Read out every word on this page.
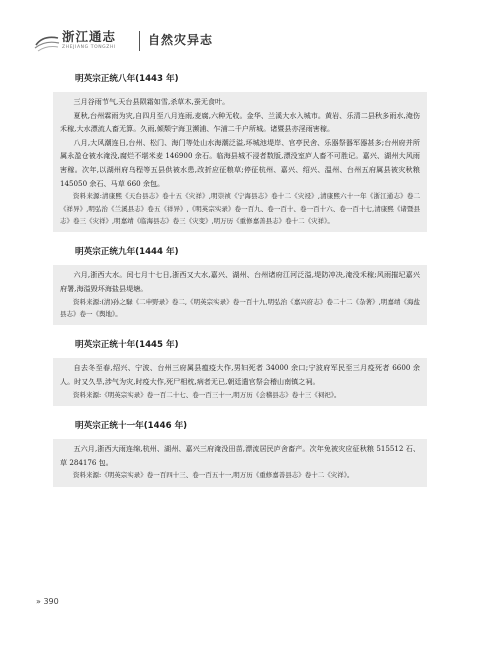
浙江通志
ZHEJIANG TONGZHI
自然灾异志
明英宗正统八年(1443 年)

三月谷雨节气,天台县陨霜如雪,杀草木,蚕无食叶。

夏秋,台州霖雨为灾,自四月至八月连雨,麦腐,六种无收。金华、兰溪大水入城市。黄岩、乐清二县秋多雨水,淹伤禾稼,大水漂流人畜无算。久雨,倾颓宁海卫濒浦、乍浦二千户所城。诸暨县亦淫雨害稼。

八月,大风潮连日,台州、松门、海门等处山水海潮泛溢,坏城池堤岸、官亭民舍、乐器祭器军器甚多;台州府并所属永盈仓被水淹没,腐烂不堪米麦 146900 余石。临海县城不浸者数版,漂没室庐人畜不可胜记。嘉兴、湖州大风雨害稼。次年,以湖州府乌程等五县供被水患,改折应征粮草;停征杭州、嘉兴、绍兴、温州、台州五府属县被灾秋粮 145050 余石、马草 660 余包。

资料来源:清康熙《天台县志》卷十五《灾祥》,明崇祯《宁海县志》卷十二《灾祲》,清康熙六十一年《浙江通志》卷二《祥异》,明弘治《兰溪县志》卷五《祥异》,《明英宗实录》卷一百九、卷一百十、卷一百十六、卷一百十七,清康熙《诸暨县志》卷三《灾祥》,明嘉靖《临海县志》卷三《灾变》,明万历《重修嘉善县志》卷十二《灾祥》。

明英宗正统九年(1444 年)

六月,浙西大水。闰七月十七日,浙西又大水,嘉兴、湖州、台州诸府江河泛溢,堤防冲决,淹没禾稼;风雨摧圮嘉兴府署,海溢毁坏海盐县堤塘。

资料来源:(清)孙之騄《二申野录》卷二,《明英宗实录》卷一百十九,明弘治《嘉兴府志》卷二十二《杂著》,明嘉靖《海盐县志》卷一《舆地》。

明英宗正统十年(1445 年)

自去冬至春,绍兴、宁波、台州三府属县瘟疫大作,男妇死者 34000 余口;宁波府军民至三月疫死者 6600 余人。时又久旱,涉气为灾,时疫大作,死尸相枕,病者无已,朝廷遣官祭会稽山南镇之祠。

资料来源:《明英宗实录》卷一百二十七、卷一百三十一,明万历《会稽县志》卷十三《祠祀》。

明英宗正统十一年(1446 年)

五六月,浙西大雨连绵,杭州、湖州、嘉兴三府淹没田苗,漂流居民庐舍畜产。次年免被灾应征秋粮 515512 石、草 284176 包。

资料来源:《明英宗实录》卷一百四十三、卷一百五十一,明万历《重修嘉善县志》卷十二《灾祥》。

» 390
